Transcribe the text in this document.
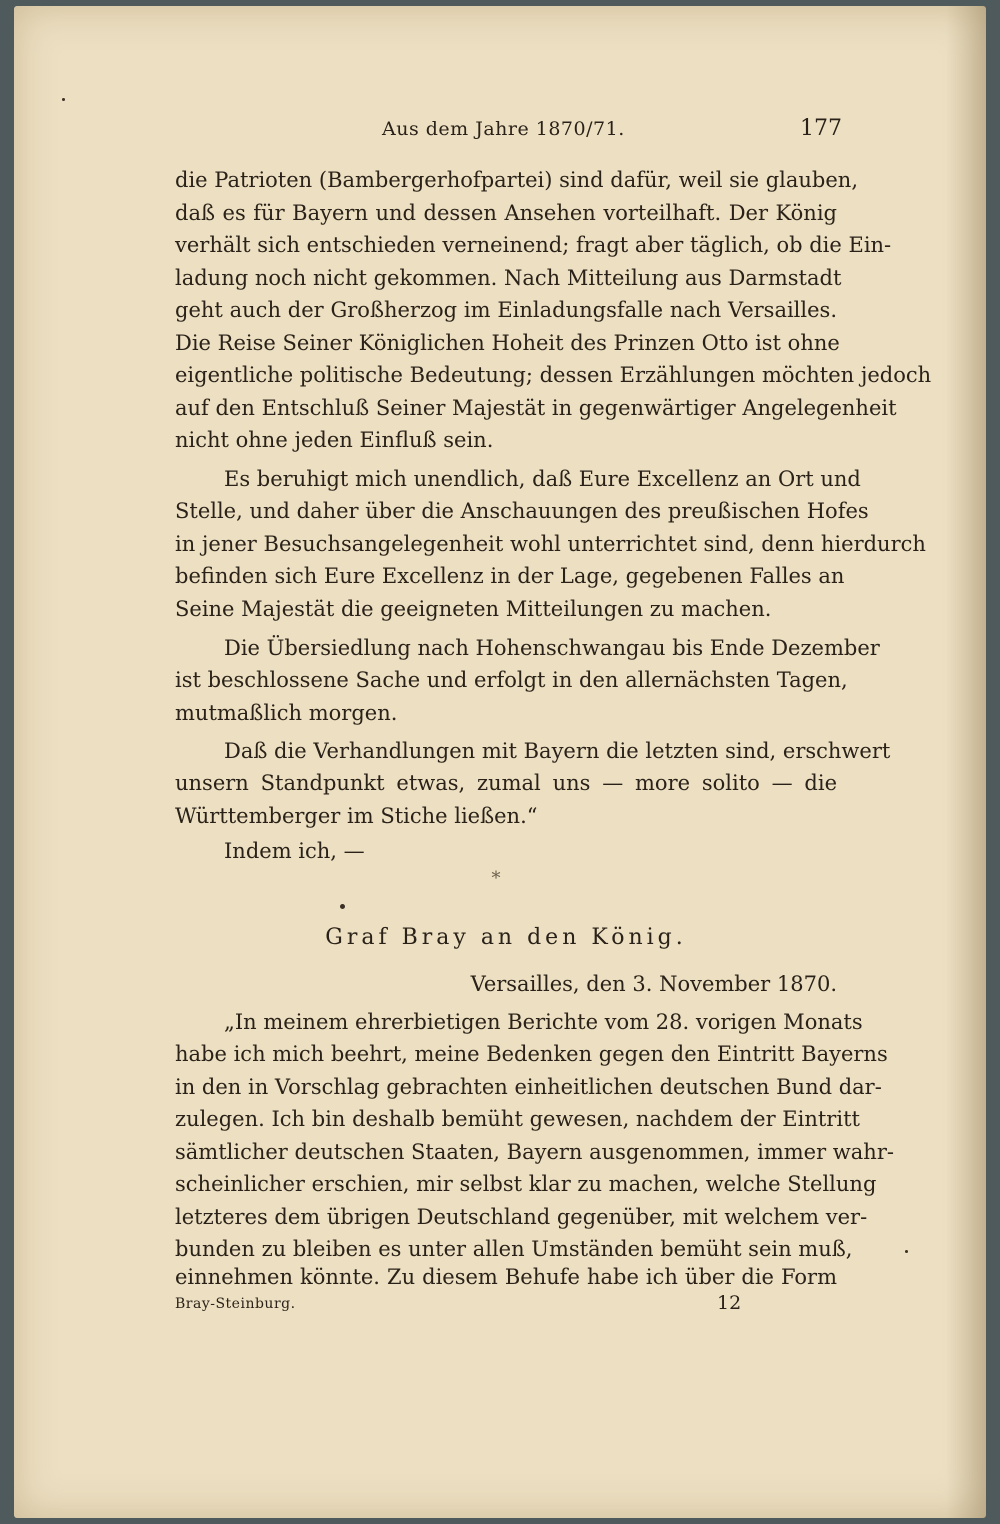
Aus dem Jahre 1870/71.	177
die Patrioten (Bambergerhofpartei) sind dafür, weil sie glauben,
daß es für Bayern und dessen Ansehen vorteilhaft. Der König
verhält sich entschieden verneinend; fragt aber täglich, ob die Ein-
ladung noch nicht gekommen. Nach Mitteilung aus Darmstadt
geht auch der Großherzog im Einladungsfalle nach Versailles.
Die Reise Seiner Königlichen Hoheit des Prinzen Otto ist ohne
eigentliche politische Bedeutung; dessen Erzählungen möchten jedoch
auf den Entschluß Seiner Majestät in gegenwärtiger Angelegenheit
nicht ohne jeden Einfluß sein.
Es beruhigt mich unendlich, daß Eure Excellenz an Ort und
Stelle, und daher über die Anschauungen des preußischen Hofes
in jener Besuchsangelegenheit wohl unterrichtet sind, denn hierdurch
befinden sich Eure Excellenz in der Lage, gegebenen Falles an
Seine Majestät die geeigneten Mitteilungen zu machen.
Die Übersiedlung nach Hohenschwangau bis Ende Dezember
ist beschlossene Sache und erfolgt in den allernächsten Tagen,
mutmaßlich morgen.
Daß die Verhandlungen mit Bayern die letzten sind, erschwert
unsern Standpunkt etwas, zumal uns — more solito — die
Württemberger im Stiche ließen.“
Indem ich, —
*
Graf Bray an den König.
Versailles, den 3. November 1870.
„In meinem ehrerbietigen Berichte vom 28. vorigen Monats
habe ich mich beehrt, meine Bedenken gegen den Eintritt Bayerns
in den in Vorschlag gebrachten einheitlichen deutschen Bund dar-
zulegen. Ich bin deshalb bemüht gewesen, nachdem der Eintritt
sämtlicher deutschen Staaten, Bayern ausgenommen, immer wahr-
scheinlicher erschien, mir selbst klar zu machen, welche Stellung
letzteres dem übrigen Deutschland gegenüber, mit welchem ver-
bunden zu bleiben es unter allen Umständen bemüht sein muß,
einnehmen könnte. Zu diesem Behufe habe ich über die Form
Bray-Steinburg.	12
